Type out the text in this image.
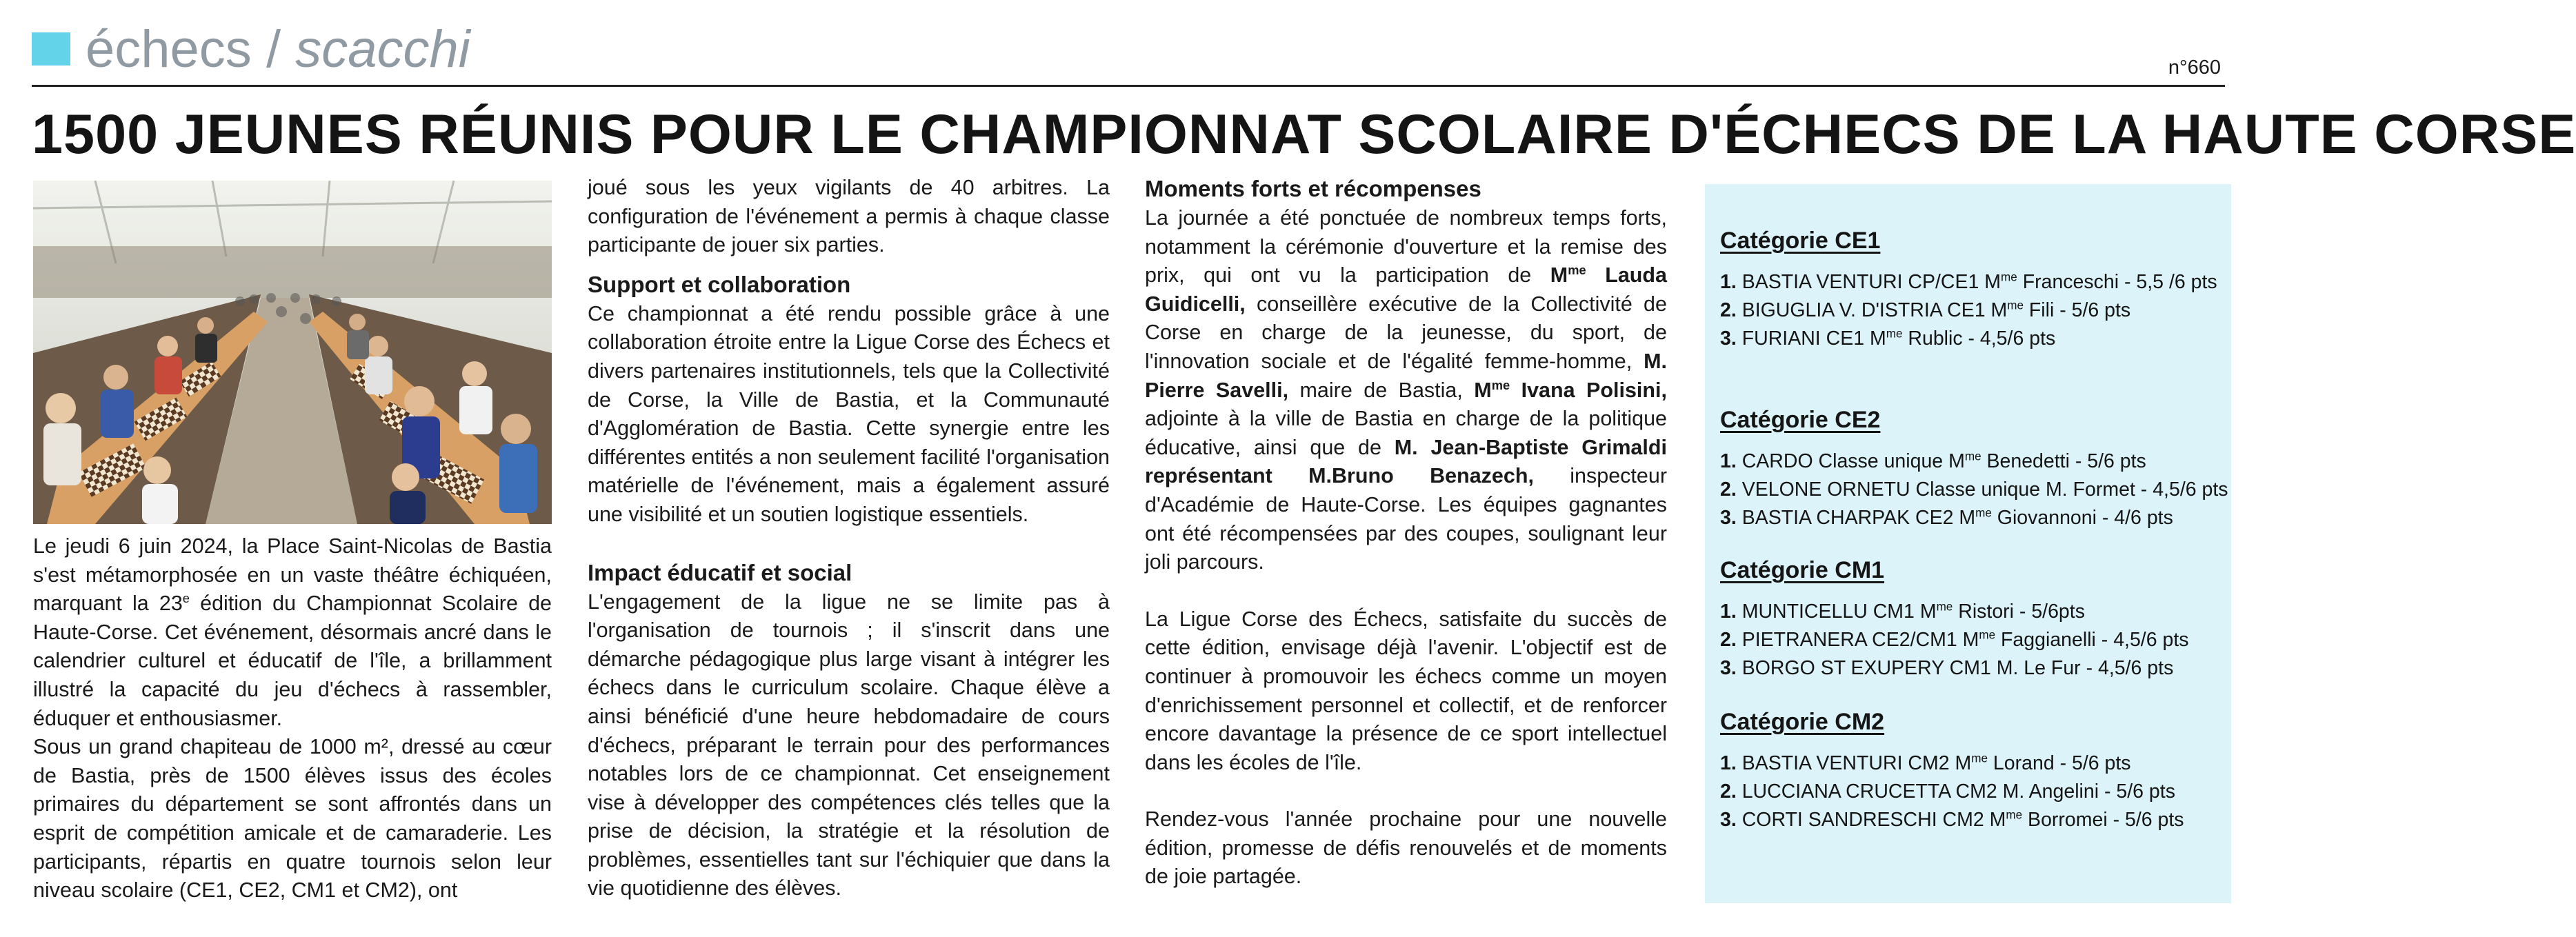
échecs / scacchi	n°660
1500 JEUNES RÉUNIS POUR LE CHAMPIONNAT SCOLAIRE D'ÉCHECS DE LA HAUTE CORSE

Le jeudi 6 juin 2024, la Place Saint-Nicolas de Bastia s'est métamorphosée en un vaste théâtre échiquéen, marquant la 23e édition du Championnat Scolaire de Haute-Corse. Cet événement, désormais ancré dans le calendrier culturel et éducatif de l'île, a brillamment illustré la capacité du jeu d'échecs à rassembler, éduquer et enthousiasmer.

Sous un grand chapiteau de 1000 m², dressé au cœur de Bastia, près de 1500 élèves issus des écoles primaires du département se sont affrontés dans un esprit de compétition amicale et de camaraderie. Les participants, répartis en quatre tournois selon leur niveau scolaire (CE1, CE2, CM1 et CM2), ont

joué sous les yeux vigilants de 40 arbitres. La configuration de l'événement a permis à chaque classe participante de jouer six parties.

Support et collaboration

Ce championnat a été rendu possible grâce à une collaboration étroite entre la Ligue Corse des Échecs et divers partenaires institutionnels, tels que la Collectivité de Corse, la Ville de Bastia, et la Communauté d'Agglomération de Bastia. Cette synergie entre les différentes entités a non seulement facilité l'organisation matérielle de l'événement, mais a également assuré une visibilité et un soutien logistique essentiels.

Impact éducatif et social

L'engagement de la ligue ne se limite pas à l'organisation de tournois ; il s'inscrit dans une démarche pédagogique plus large visant à intégrer les échecs dans le curriculum scolaire. Chaque élève a ainsi bénéficié d'une heure hebdomadaire de cours d'échecs, préparant le terrain pour des performances notables lors de ce championnat. Cet enseignement vise à développer des compétences clés telles que la prise de décision, la stratégie et la résolution de problèmes, essentielles tant sur l'échiquier que dans la vie quotidienne des élèves.

Moments forts et récompenses

La journée a été ponctuée de nombreux temps forts, notamment la cérémonie d'ouverture et la remise des prix, qui ont vu la participation de $M^{me}$ Lauda Guidicelli, conseillère exécutive de la Collectivité de Corse en charge de la jeunesse, du sport, de l'innovation sociale et de l'égalité femme-homme, M. Pierre Savelli, maire de Bastia, $M^{me}$ Ivana Polisini, adjointe à la ville de Bastia en charge de la politique éducative, ainsi que de M. Jean-Baptiste Grimaldi représentant M.Bruno Benazech, inspecteur d'Académie de Haute-Corse. Les équipes gagnantes ont été récompensées par des coupes, soulignant leur joli parcours.

La Ligue Corse des Échecs, satisfaite du succès de cette édition, envisage déjà l'avenir. L'objectif est de continuer à promouvoir les échecs comme un moyen d'enrichissement personnel et collectif, et de renforcer encore davantage la présence de ce sport intellectuel dans les écoles de l'île.

Rendez-vous l'année prochaine pour une nouvelle édition, promesse de défis renouvelés et de moments de joie partagée.

Catégorie CE1
1. BASTIA VENTURI CP/CE1 $M^{me}$ Franceschi - 5,5 /6 pts
2. BIGUGLIA V. D'ISTRIA CE1 $M^{me}$ Fili - 5/6 pts
3. FURIANI CE1 $M^{me}$ Rublic - 4,5/6 pts
Catégorie CE2
1. CARDO Classe unique $M^{me}$ Benedetti - 5/6 pts
2. VELONE ORNETU Classe unique M. Formet - 4,5/6 pts
3. BASTIA CHARPAK CE2 $M^{me}$ Giovannoni - 4/6 pts
Catégorie CM1
1. MUNTICELLU CM1 $M^{me}$ Ristori - 5/6pts
2. PIETRANERA CE2/CM1 $M^{me}$ Faggianelli - 4,5/6 pts
3. BORGO ST EXUPERY CM1 M. Le Fur - 4,5/6 pts
Catégorie CM2
1. BASTIA VENTURI CM2 $M^{me}$ Lorand - 5/6 pts
2. LUCCIANA CRUCETTA CM2 M. Angelini - 5/6 pts
3. CORTI SANDRESCHI CM2 $M^{me}$ Borromei - 5/6 pts
